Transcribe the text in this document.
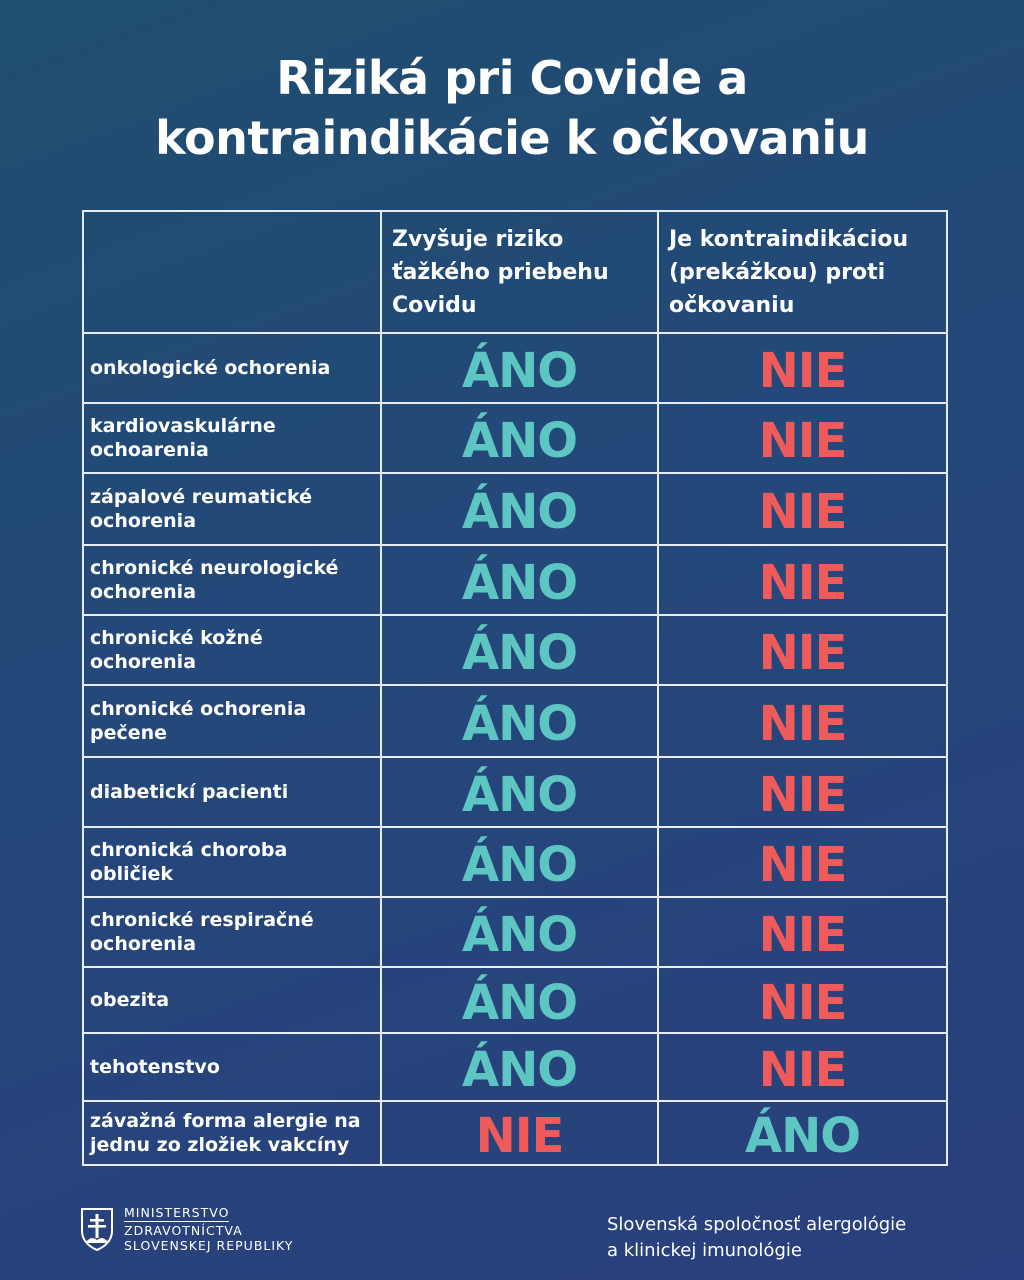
Riziká pri Covide a
kontraindikácie k očkovaniu
	Zvyšuje riziko ťažkého priebehu Covidu	Je kontraindikáciou (prekážkou) proti očkovaniu
onkologické ochorenia	ÁNO	NIE
kardiovaskulárne ochoarenia	ÁNO	NIE
zápalové reumatické ochorenia	ÁNO	NIE
chronické neurologické ochorenia	ÁNO	NIE
chronické kožné ochorenia	ÁNO	NIE
chronické ochorenia pečene	ÁNO	NIE
diabetickí pacienti	ÁNO	NIE
chronická choroba obličiek	ÁNO	NIE
chronické respiračné ochorenia	ÁNO	NIE
obezita	ÁNO	NIE
tehotenstvo	ÁNO	NIE
závažná forma alergie na jednu zo zložiek vakcíny	NIE	ÁNO
MINISTERSTVO
ZDRAVOTNÍCTVA
SLOVENSKEJ REPUBLIKY
Slovenská spoločnosť alergológie
a klinickej imunológie
